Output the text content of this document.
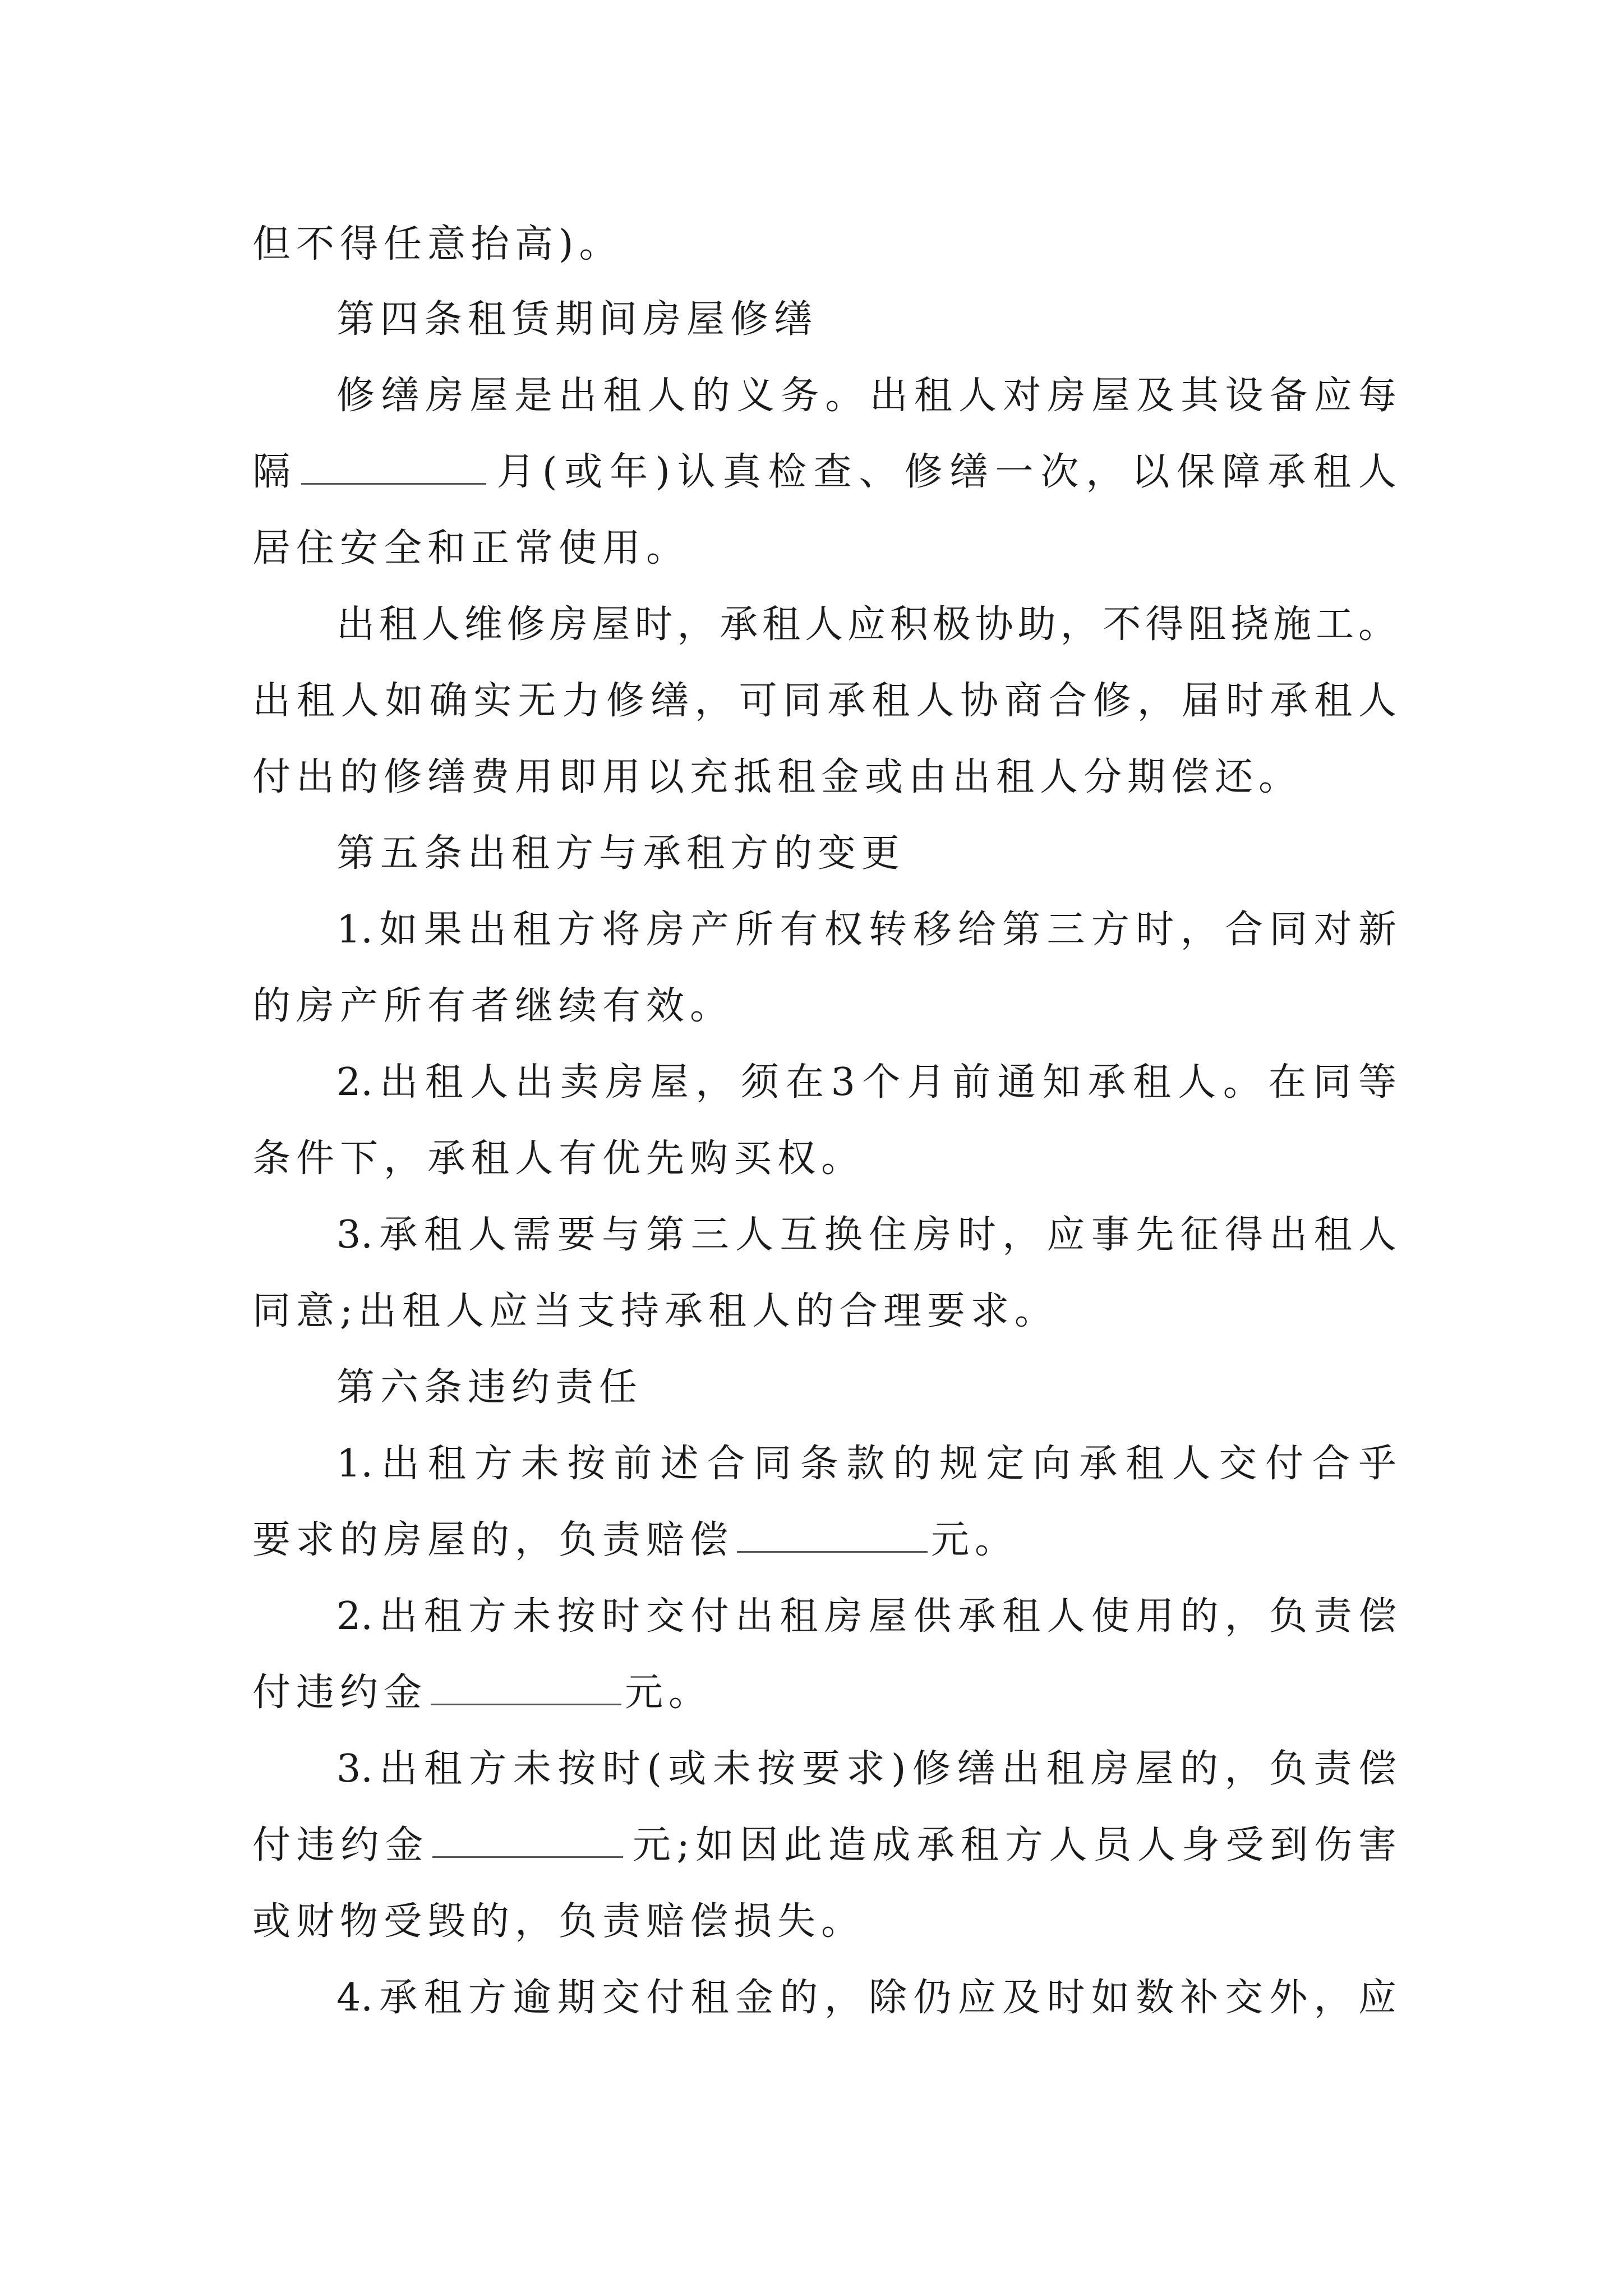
但不得任意抬高)。
第四条租赁期间房屋修缮
修缮房屋是出租人的义务。出租人对房屋及其设备应每
隔	月(或年)认真检查、修缮一次，以保障承租人
居住安全和正常使用。
出租人维修房屋时，承租人应积极协助，不得阻挠施工。
出租人如确实无力修缮，可同承租人协商合修，届时承租人
付出的修缮费用即用以充抵租金或由出租人分期偿还。
第五条出租方与承租方的变更
1.如果出租方将房产所有权转移给第三方时，合同对新
的房产所有者继续有效。
2.出租人出卖房屋，须在3个月前通知承租人。在同等
条件下，承租人有优先购买权。
3.承租人需要与第三人互换住房时，应事先征得出租人
同意;出租人应当支持承租人的合理要求。
第六条违约责任
1.出租方未按前述合同条款的规定向承租人交付合乎
要求的房屋的，负责赔偿	元。
2.出租方未按时交付出租房屋供承租人使用的，负责偿
付违约金	元。
3.出租方未按时(或未按要求)修缮出租房屋的，负责偿
付违约金	元;如因此造成承租方人员人身受到伤害
或财物受毁的，负责赔偿损失。
4.承租方逾期交付租金的，除仍应及时如数补交外，应
